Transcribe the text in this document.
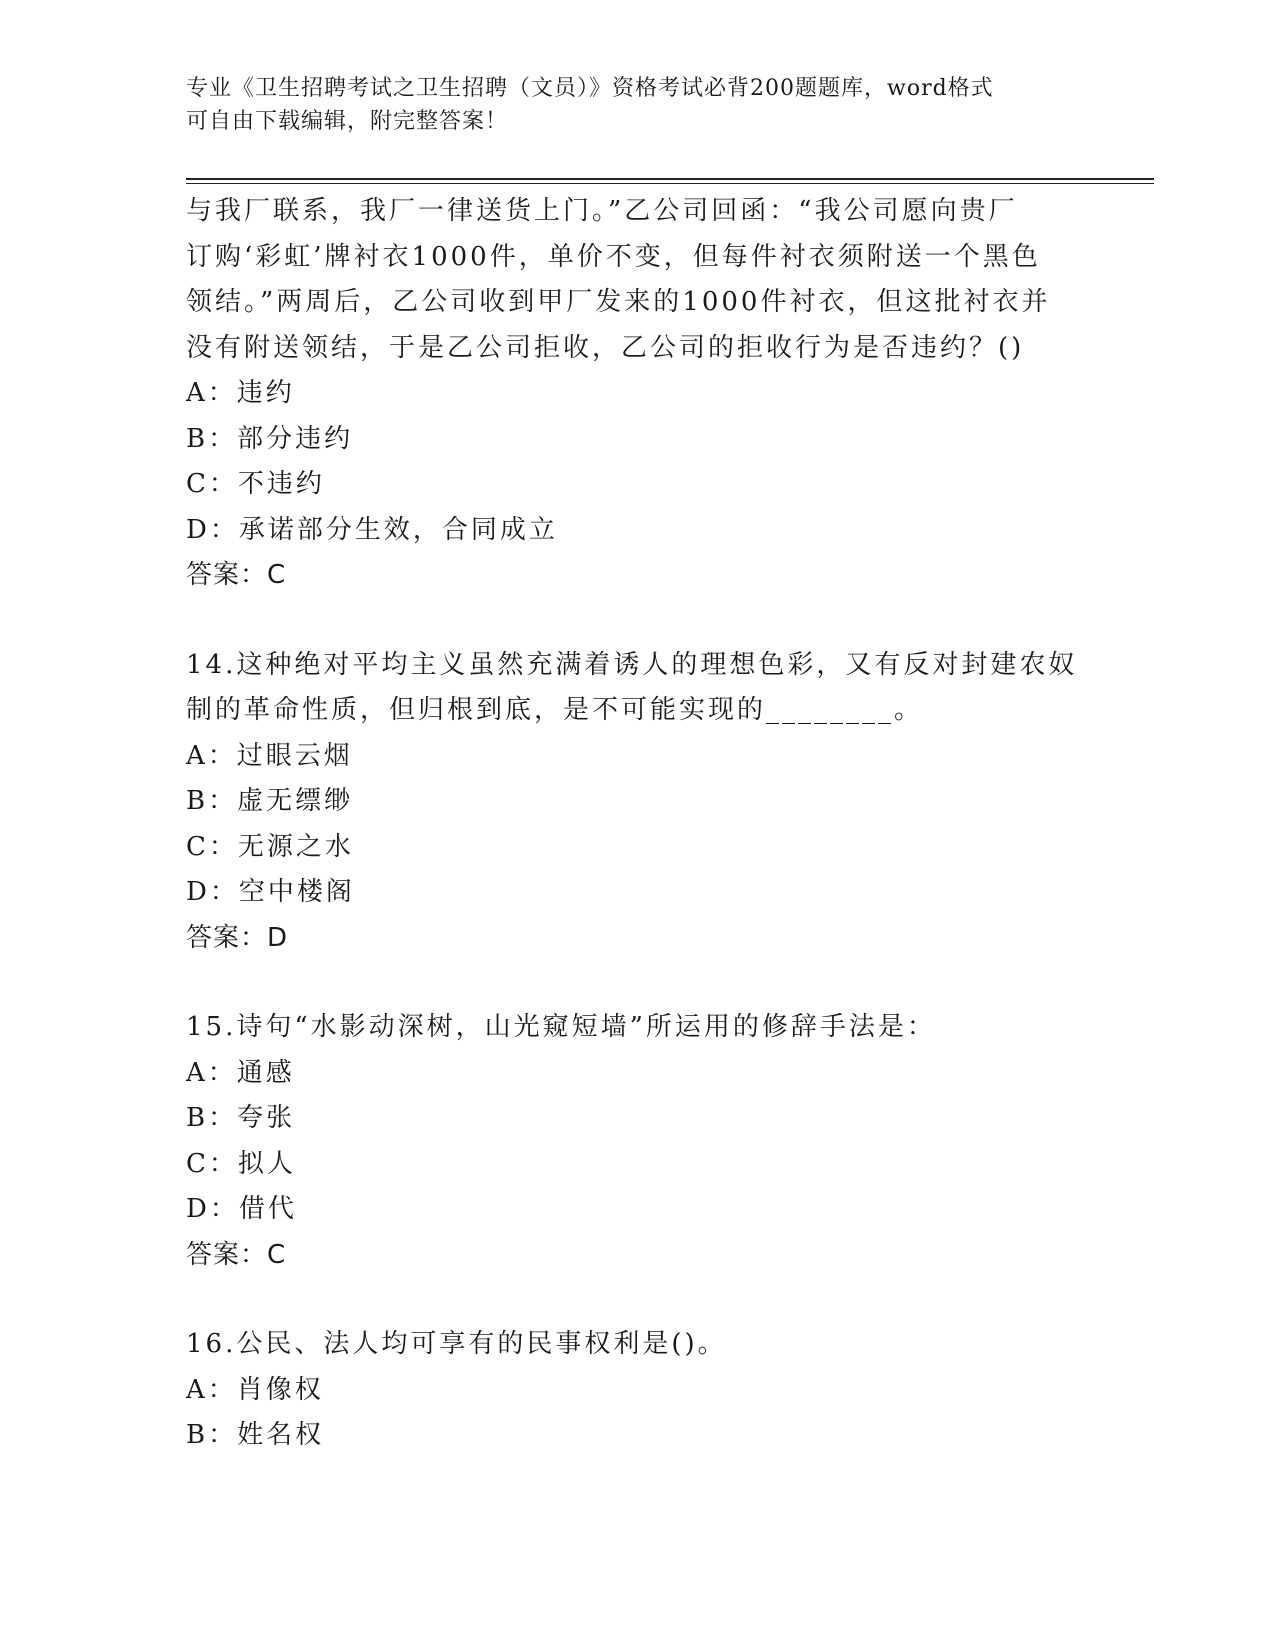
专业《卫生招聘考试之卫生招聘（文员）》资格考试必背200题题库，word格式
可自由下载编辑，附完整答案！
与我厂联系，我厂一律送货上门。”乙公司回函：“我公司愿向贵厂
订购‘彩虹’牌衬衣1000件，单价不变，但每件衬衣须附送一个黑色
领结。”两周后，乙公司收到甲厂发来的1000件衬衣，但这批衬衣并
没有附送领结，于是乙公司拒收，乙公司的拒收行为是否违约？()
A：违约
B：部分违约
C：不违约
D：承诺部分生效，合同成立
答案：C
14.这种绝对平均主义虽然充满着诱人的理想色彩，又有反对封建农奴
制的革命性质，但归根到底，是不可能实现的________。
A：过眼云烟
B：虚无缥缈
C：无源之水
D：空中楼阁
答案：D
15.诗句“水影动深树，山光窥短墙”所运用的修辞手法是：
A：通感
B：夸张
C：拟人
D：借代
答案：C
16.公民、法人均可享有的民事权利是()。
A：肖像权
B：姓名权
